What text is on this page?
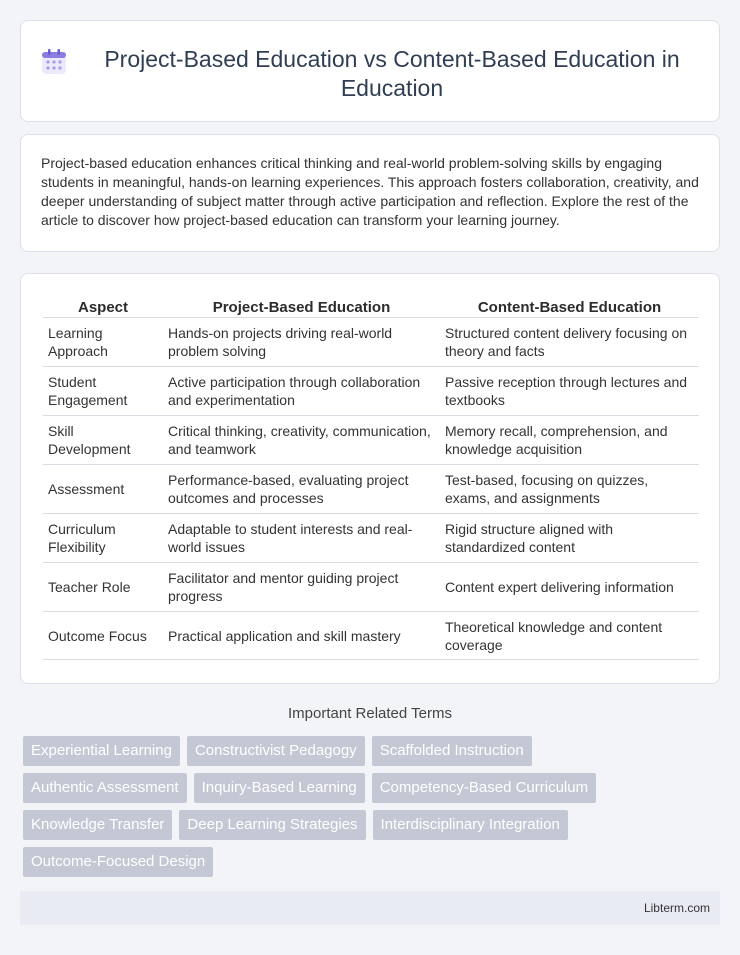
Project-Based Education vs Content-Based Education in Education

Project-based education enhances critical thinking and real-world problem-solving skills by engaging students in meaningful, hands-on learning experiences. This approach fosters collaboration, creativity, and deeper understanding of subject matter through active participation and reflection. Explore the rest of the article to discover how project-based education can transform your learning journey.

Aspect	Project-Based Education	Content-Based Education
Learning Approach	Hands-on projects driving real-world problem solving	Structured content delivery focusing on theory and facts
Student Engagement	Active participation through collaboration and experimentation	Passive reception through lectures and textbooks
Skill Development	Critical thinking, creativity, communication, and teamwork	Memory recall, comprehension, and knowledge acquisition
Assessment	Performance-based, evaluating project outcomes and processes	Test-based, focusing on quizzes, exams, and assignments
Curriculum Flexibility	Adaptable to student interests and real-world issues	Rigid structure aligned with standardized content
Teacher Role	Facilitator and mentor guiding project progress	Content expert delivering information
Outcome Focus	Practical application and skill mastery	Theoretical knowledge and content coverage
Important Related Terms
Experiential Learning	Constructivist Pedagogy	Scaffolded Instruction
Authentic Assessment	Inquiry-Based Learning	Competency-Based Curriculum
Knowledge Transfer	Deep Learning Strategies	Interdisciplinary Integration
Outcome-Focused Design
Libterm.com
